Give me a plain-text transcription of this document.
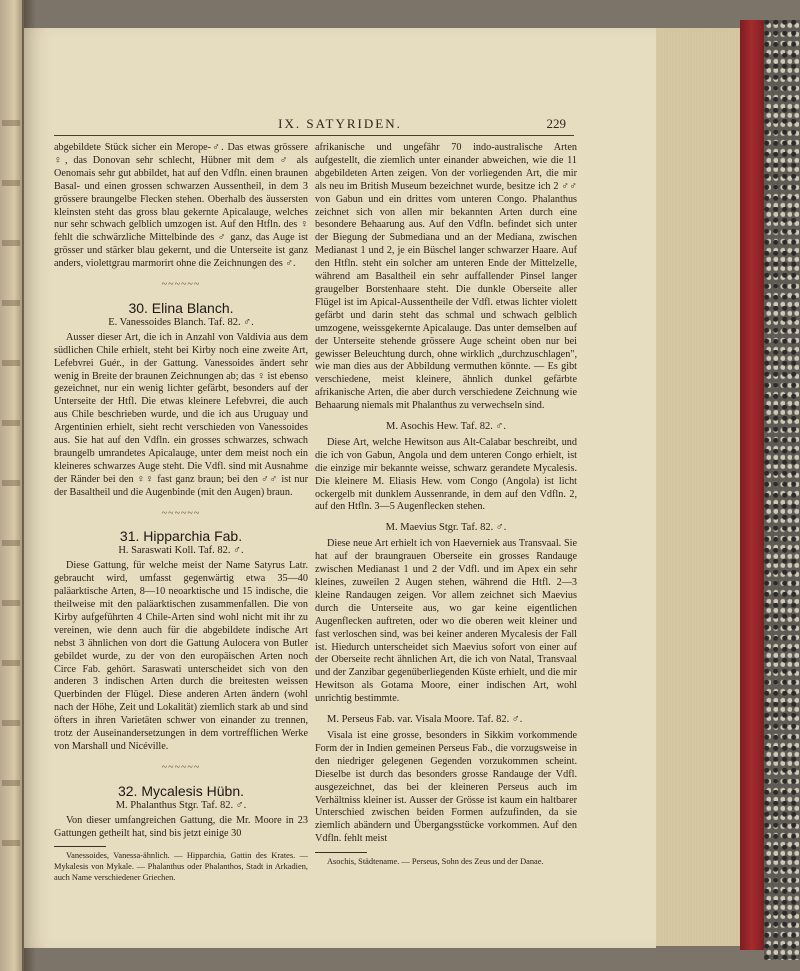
IX. SATYRIDEN.	229

abgebildete Stück sicher ein Merope-♂. Das etwas grössere ♀, das Donovan sehr schlecht, Hübner mit dem ♂ als Oenomais sehr gut abbildet, hat auf den Vdfln. einen braunen Basal- und einen grossen schwarzen Aussentheil, in dem 3 grössere braungelbe Flecken stehen. Oberhalb des äussersten kleinsten steht das gross blau gekernte Apicalauge, welches nur sehr schwach gelblich umzogen ist. Auf den Htfln. des ♀ fehlt die schwärzliche Mittelbinde des ♂ ganz, das Auge ist grösser und stärker blau gekernt, und die Unterseite ist ganz anders, violettgrau marmorirt ohne die Zeichnungen des ♂.

~~~~~~
30. Elina Blanch.
E. Vanessoides Blanch. Taf. 82. ♂.

Ausser dieser Art, die ich in Anzahl von Valdivia aus dem südlichen Chile erhielt, steht bei Kirby noch eine zweite Art, Lefebvrei Guér., in der Gattung. Vanessoides ändert sehr wenig in Breite der braunen Zeichnungen ab; das ♀ ist ebenso gezeichnet, nur ein wenig lichter gefärbt, besonders auf der Unterseite der Htfl. Die etwas kleinere Lefebvrei, die auch aus Chile beschrieben wurde, und die ich aus Uruguay und Argentinien erhielt, sieht recht verschieden von Vanessoides aus. Sie hat auf den Vdfln. ein grosses schwarzes, schwach braungelb umrandetes Apicalauge, unter dem meist noch ein kleineres schwarzes Auge steht. Die Vdfl. sind mit Ausnahme der Ränder bei den ♀♀ fast ganz braun; bei den ♂♂ ist nur der Basaltheil und die Augenbinde (mit den Augen) braun.

~~~~~~
31. Hipparchia Fab.
H. Saraswati Koll. Taf. 82. ♂.

Diese Gattung, für welche meist der Name Satyrus Latr. gebraucht wird, umfasst gegenwärtig etwa 35—40 paläarktische Arten, 8—10 neoarktische und 15 indische, die theilweise mit den paläarktischen zusammenfallen. Die von Kirby aufgeführten 4 Chile-Arten sind wohl nicht mit ihr zu vereinen, wie denn auch für die abgebildete indische Art nebst 3 ähnlichen von dort die Gattung Aulocera von Butler gebildet wurde, zu der von den europäischen Arten noch Circe Fab. gehört. Saraswati unterscheidet sich von den anderen 3 indischen Arten durch die breitesten weissen Querbinden der Flügel. Diese anderen Arten ändern (wohl nach der Höhe, Zeit und Lokalität) ziemlich stark ab und sind öfters in ihren Varietäten schwer von einander zu trennen, trotz der Auseinandersetzungen in dem vortrefflichen Werke von Marshall und Nicéville.

~~~~~~
32. Mycalesis Hübn.
M. Phalanthus Stgr. Taf. 82. ♂.

Von dieser umfangreichen Gattung, die Mr. Moore in 23 Gattungen getheilt hat, sind bis jetzt einige 30

Vanessoides, Vanessa-ähnlich. — Hipparchia, Gattin des Krates. — Mykalesis von Mykale. — Phalanthus oder Phalanthos, Stadt in Arkadien, auch Name verschiedener Griechen.

afrikanische und ungefähr 70 indo-australische Arten aufgestellt, die ziemlich unter einander abweichen, wie die 11 abgebildeten Arten zeigen. Von der vorliegenden Art, die mir als neu im British Museum bezeichnet wurde, besitze ich 2 ♂♂ von Gabun und ein drittes vom unteren Congo. Phalanthus zeichnet sich von allen mir bekannten Arten durch eine besondere Behaarung aus. Auf den Vdfln. befindet sich unter der Biegung der Submediana und an der Mediana, zwischen Medianast 1 und 2, je ein Büschel langer schwarzer Haare. Auf den Htfln. steht ein solcher am unteren Ende der Mittelzelle, während am Basaltheil ein sehr auffallender Pinsel langer graugelber Borstenhaare steht. Die dunkle Oberseite aller Flügel ist im Apical-Aussentheile der Vdfl. etwas lichter violett gefärbt und darin steht das schmal und schwach gelblich umzogene, weissgekernte Apicalauge. Das unter demselben auf der Unterseite stehende grössere Auge scheint oben nur bei gewisser Beleuchtung durch, ohne wirklich „durchzuschlagen", wie man dies aus der Abbildung vermuthen könnte. — Es gibt verschiedene, meist kleinere, ähnlich dunkel gefärbte afrikanische Arten, die aber durch verschiedene Zeichnung wie Behaarung niemals mit Phalanthus zu verwechseln sind.

M. Asochis Hew. Taf. 82. ♂.

Diese Art, welche Hewitson aus Alt-Calabar beschreibt, und die ich von Gabun, Angola und dem unteren Congo erhielt, ist die einzige mir bekannte weisse, schwarz gerandete Mycalesis. Die kleinere M. Eliasis Hew. vom Congo (Angola) ist licht ockergelb mit dunklem Aussenrande, in dem auf den Vdfln. 2, auf den Htfln. 3—5 Augenflecken stehen.

M. Maevius Stgr. Taf. 82. ♂.

Diese neue Art erhielt ich von Haeverniek aus Transvaal. Sie hat auf der braungrauen Oberseite ein grosses Randauge zwischen Medianast 1 und 2 der Vdfl. und im Apex ein sehr kleines, zuweilen 2 Augen stehen, während die Htfl. 2—3 kleine Randaugen zeigen. Vor allem zeichnet sich Maevius durch die Unterseite aus, wo gar keine eigentlichen Augenflecken auftreten, oder wo die oberen weit kleiner und fast verloschen sind, was bei keiner anderen Mycalesis der Fall ist. Hiedurch unterscheidet sich Maevius sofort von einer auf der Oberseite recht ähnlichen Art, die ich von Natal, Transvaal und der Zanzibar gegenüberliegenden Küste erhielt, und die mir Hewitson als Gotama Moore, einer indischen Art, wohl unrichtig bestimmte.

M. Perseus Fab. var. Visala Moore. Taf. 82. ♂.

Visala ist eine grosse, besonders in Sikkim vorkommende Form der in Indien gemeinen Perseus Fab., die vorzugsweise in den niedriger gelegenen Gegenden vorzukommen scheint. Dieselbe ist durch das besonders grosse Randauge der Vdfl. ausgezeichnet, das bei der kleineren Perseus auch im Verhältniss kleiner ist. Ausser der Grösse ist kaum ein haltbarer Unterschied zwischen beiden Formen aufzufinden, da sie ziemlich abändern und Übergangsstücke vorkommen. Auf den Vdfln. fehlt meist

Asochis, Städtename. — Perseus, Sohn des Zeus und der Danae.
